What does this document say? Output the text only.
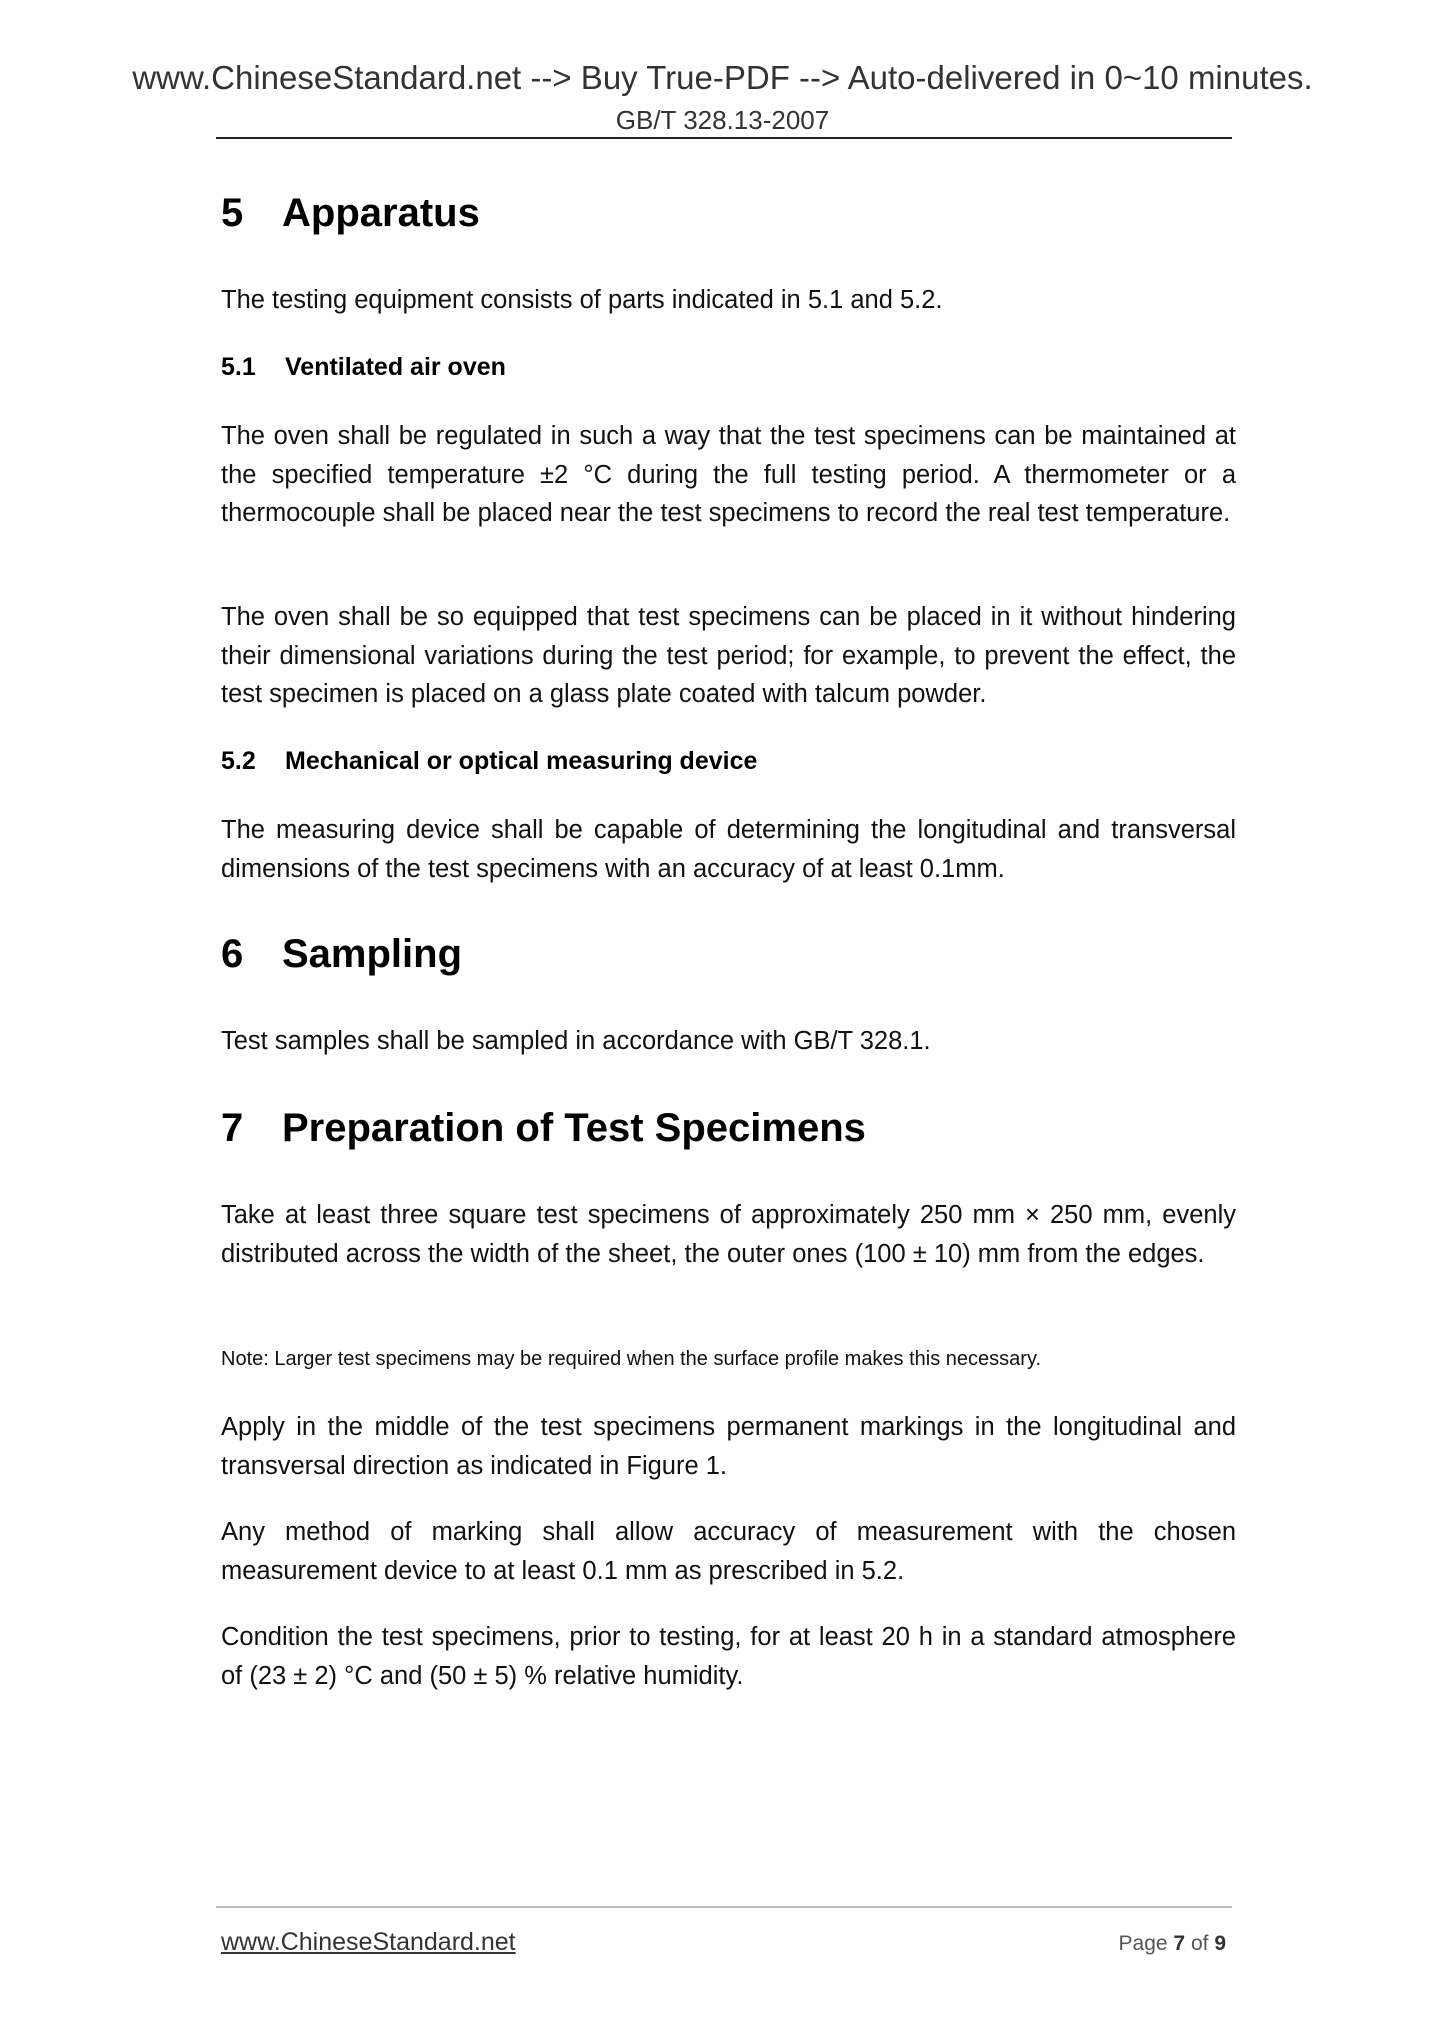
www.ChineseStandard.net --> Buy True-PDF --> Auto-delivered in 0~10 minutes.
GB/T 328.13-2007
5 Apparatus
The testing equipment consists of parts indicated in 5.1 and 5.2.
5.1 Ventilated air oven
The oven shall be regulated in such a way that the test specimens can be maintained at the specified temperature ±2 °C during the full testing period. A thermometer or a thermocouple shall be placed near the test specimens to record the real test temperature.
The oven shall be so equipped that test specimens can be placed in it without hindering their dimensional variations during the test period; for example, to prevent the effect, the test specimen is placed on a glass plate coated with talcum powder.
5.2 Mechanical or optical measuring device
The measuring device shall be capable of determining the longitudinal and transversal dimensions of the test specimens with an accuracy of at least 0.1mm.
6 Sampling
Test samples shall be sampled in accordance with GB/T 328.1.
7 Preparation of Test Specimens
Take at least three square test specimens of approximately 250 mm × 250 mm, evenly distributed across the width of the sheet, the outer ones (100 ± 10) mm from the edges.
Note: Larger test specimens may be required when the surface profile makes this necessary.
Apply in the middle of the test specimens permanent markings in the longitudinal and transversal direction as indicated in Figure 1.
Any method of marking shall allow accuracy of measurement with the chosen measurement device to at least 0.1 mm as prescribed in 5.2.
Condition the test specimens, prior to testing, for at least 20 h in a standard atmosphere of (23 ± 2) °C and (50 ± 5) % relative humidity.
www.ChineseStandard.net	Page 7 of 9
